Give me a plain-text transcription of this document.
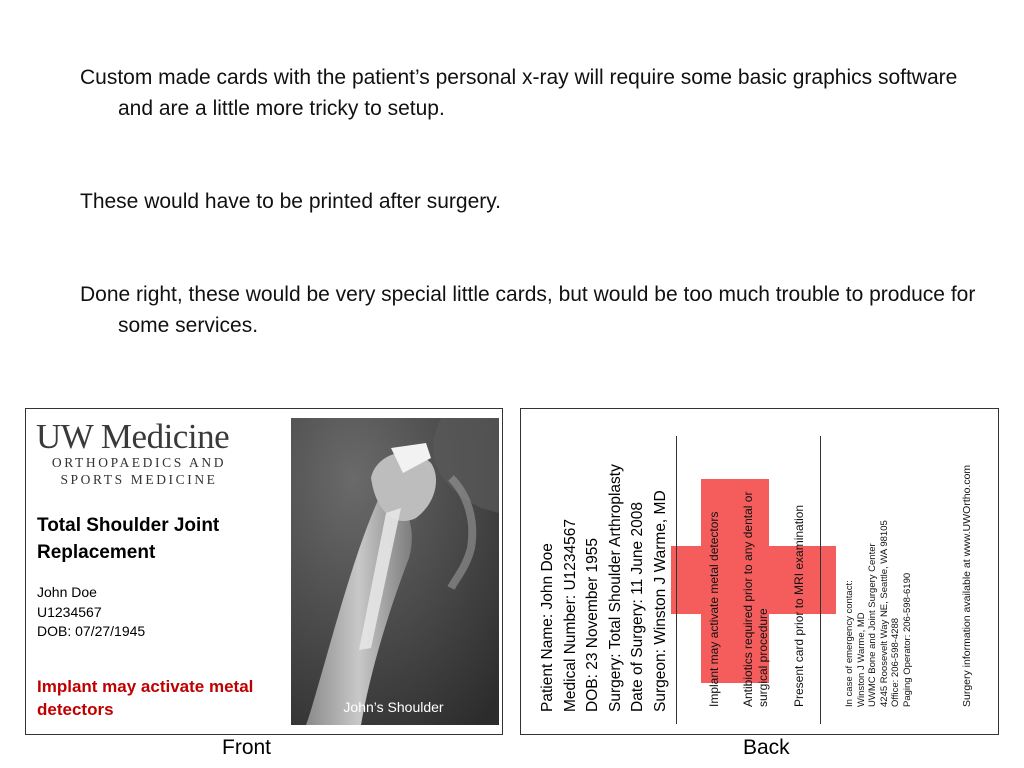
Custom made cards with the patient’s personal x-ray will require some basic graphics software and are a little more tricky to setup.

These would have to be printed after surgery.

Done right, these would be very special little cards, but would be too much trouble to produce for some services.

UW Medicine
ORTHOPAEDICS AND
SPORTS MEDICINE
Total Shoulder Joint Replacement
John Doe
U1234567
DOB: 07/27/1945
Implant may activate metal detectors	John’s Shoulder	Patient Name: John Doe Medical Number: U1234567 DOB: 23 November 1955 Surgery: Total Shoulder Arthroplasty Date of Surgery: 11 June 2008 Surgeon: Winston J Warme, MD	Implant may activate metal detectors Antibiotics required prior to any dental or surgical procedure Present card prior to MRI examination	In case of emergency contact: Winston J Warme, MD UWMC Bone and Joint Surgery Center 4245 Roosevelt Way NE, Seattle, WA 98105 Office: 206-598-4288 Paging Operator: 206-598-6190	Surgery information available at www.UWOrtho.com
Front	Back
